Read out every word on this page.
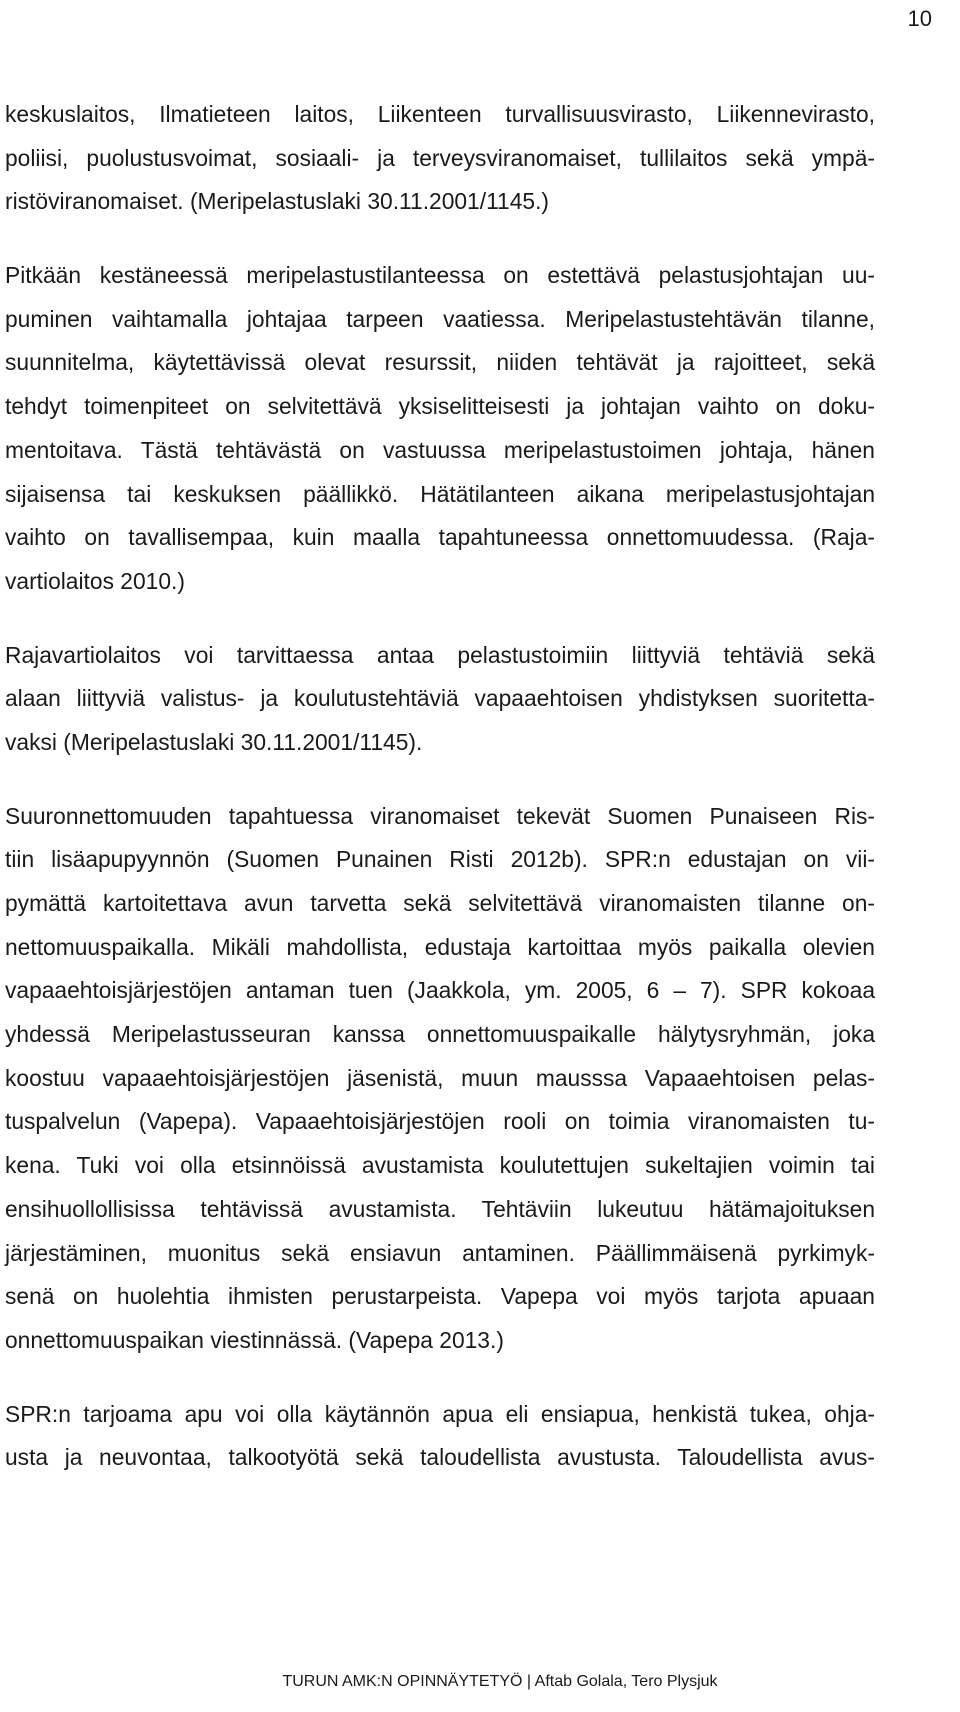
10
keskuslaitos, Ilmatieteen laitos, Liikenteen turvallisuusvirasto, Liikennevirasto,
poliisi, puolustusvoimat, sosiaali- ja terveysviranomaiset, tullilaitos sekä ympä-
ristöviranomaiset. (Meripelastuslaki 30.11.2001/1145.)
Pitkään kestäneessä meripelastustilanteessa on estettävä pelastusjohtajan uu-
puminen vaihtamalla johtajaa tarpeen vaatiessa. Meripelastustehtävän tilanne,
suunnitelma, käytettävissä olevat resurssit, niiden tehtävät ja rajoitteet, sekä
tehdyt toimenpiteet on selvitettävä yksiselitteisesti ja johtajan vaihto on doku-
mentoitava. Tästä tehtävästä on vastuussa meripelastustoimen johtaja, hänen
sijaisensa tai keskuksen päällikkö. Hätätilanteen aikana meripelastusjohtajan
vaihto on tavallisempaa, kuin maalla tapahtuneessa onnettomuudessa. (Raja-
vartiolaitos 2010.)
Rajavartiolaitos voi tarvittaessa antaa pelastustoimiin liittyviä tehtäviä sekä
alaan liittyviä valistus- ja koulutustehtäviä vapaaehtoisen yhdistyksen suoritetta-
vaksi (Meripelastuslaki 30.11.2001/1145).
Suuronnettomuuden tapahtuessa viranomaiset tekevät Suomen Punaiseen Ris-
tiin lisäapupyynnön (Suomen Punainen Risti 2012b). SPR:n edustajan on vii-
pymättä kartoitettava avun tarvetta sekä selvitettävä viranomaisten tilanne on-
nettomuuspaikalla. Mikäli mahdollista, edustaja kartoittaa myös paikalla olevien
vapaaehtoisjärjestöjen antaman tuen (Jaakkola, ym. 2005, 6 – 7). SPR kokoaa
yhdessä Meripelastusseuran kanssa onnettomuuspaikalle hälytysryhmän, joka
koostuu vapaaehtoisjärjestöjen jäsenistä, muun mausssa Vapaaehtoisen pelas-
tuspalvelun (Vapepa). Vapaaehtoisjärjestöjen rooli on toimia viranomaisten tu-
kena. Tuki voi olla etsinnöissä avustamista koulutettujen sukeltajien voimin tai
ensihuollollisissa tehtävissä avustamista. Tehtäviin lukeutuu hätämajoituksen
järjestäminen, muonitus sekä ensiavun antaminen. Päällimmäisenä pyrkimyk-
senä on huolehtia ihmisten perustarpeista. Vapepa voi myös tarjota apuaan
onnettomuuspaikan viestinnässä. (Vapepa 2013.)
SPR:n tarjoama apu voi olla käytännön apua eli ensiapua, henkistä tukea, ohja-
usta ja neuvontaa, talkootyötä sekä taloudellista avustusta. Taloudellista avus-
TURUN AMK:N OPINNÄYTETYÖ | Aftab Golala, Tero Plysjuk
